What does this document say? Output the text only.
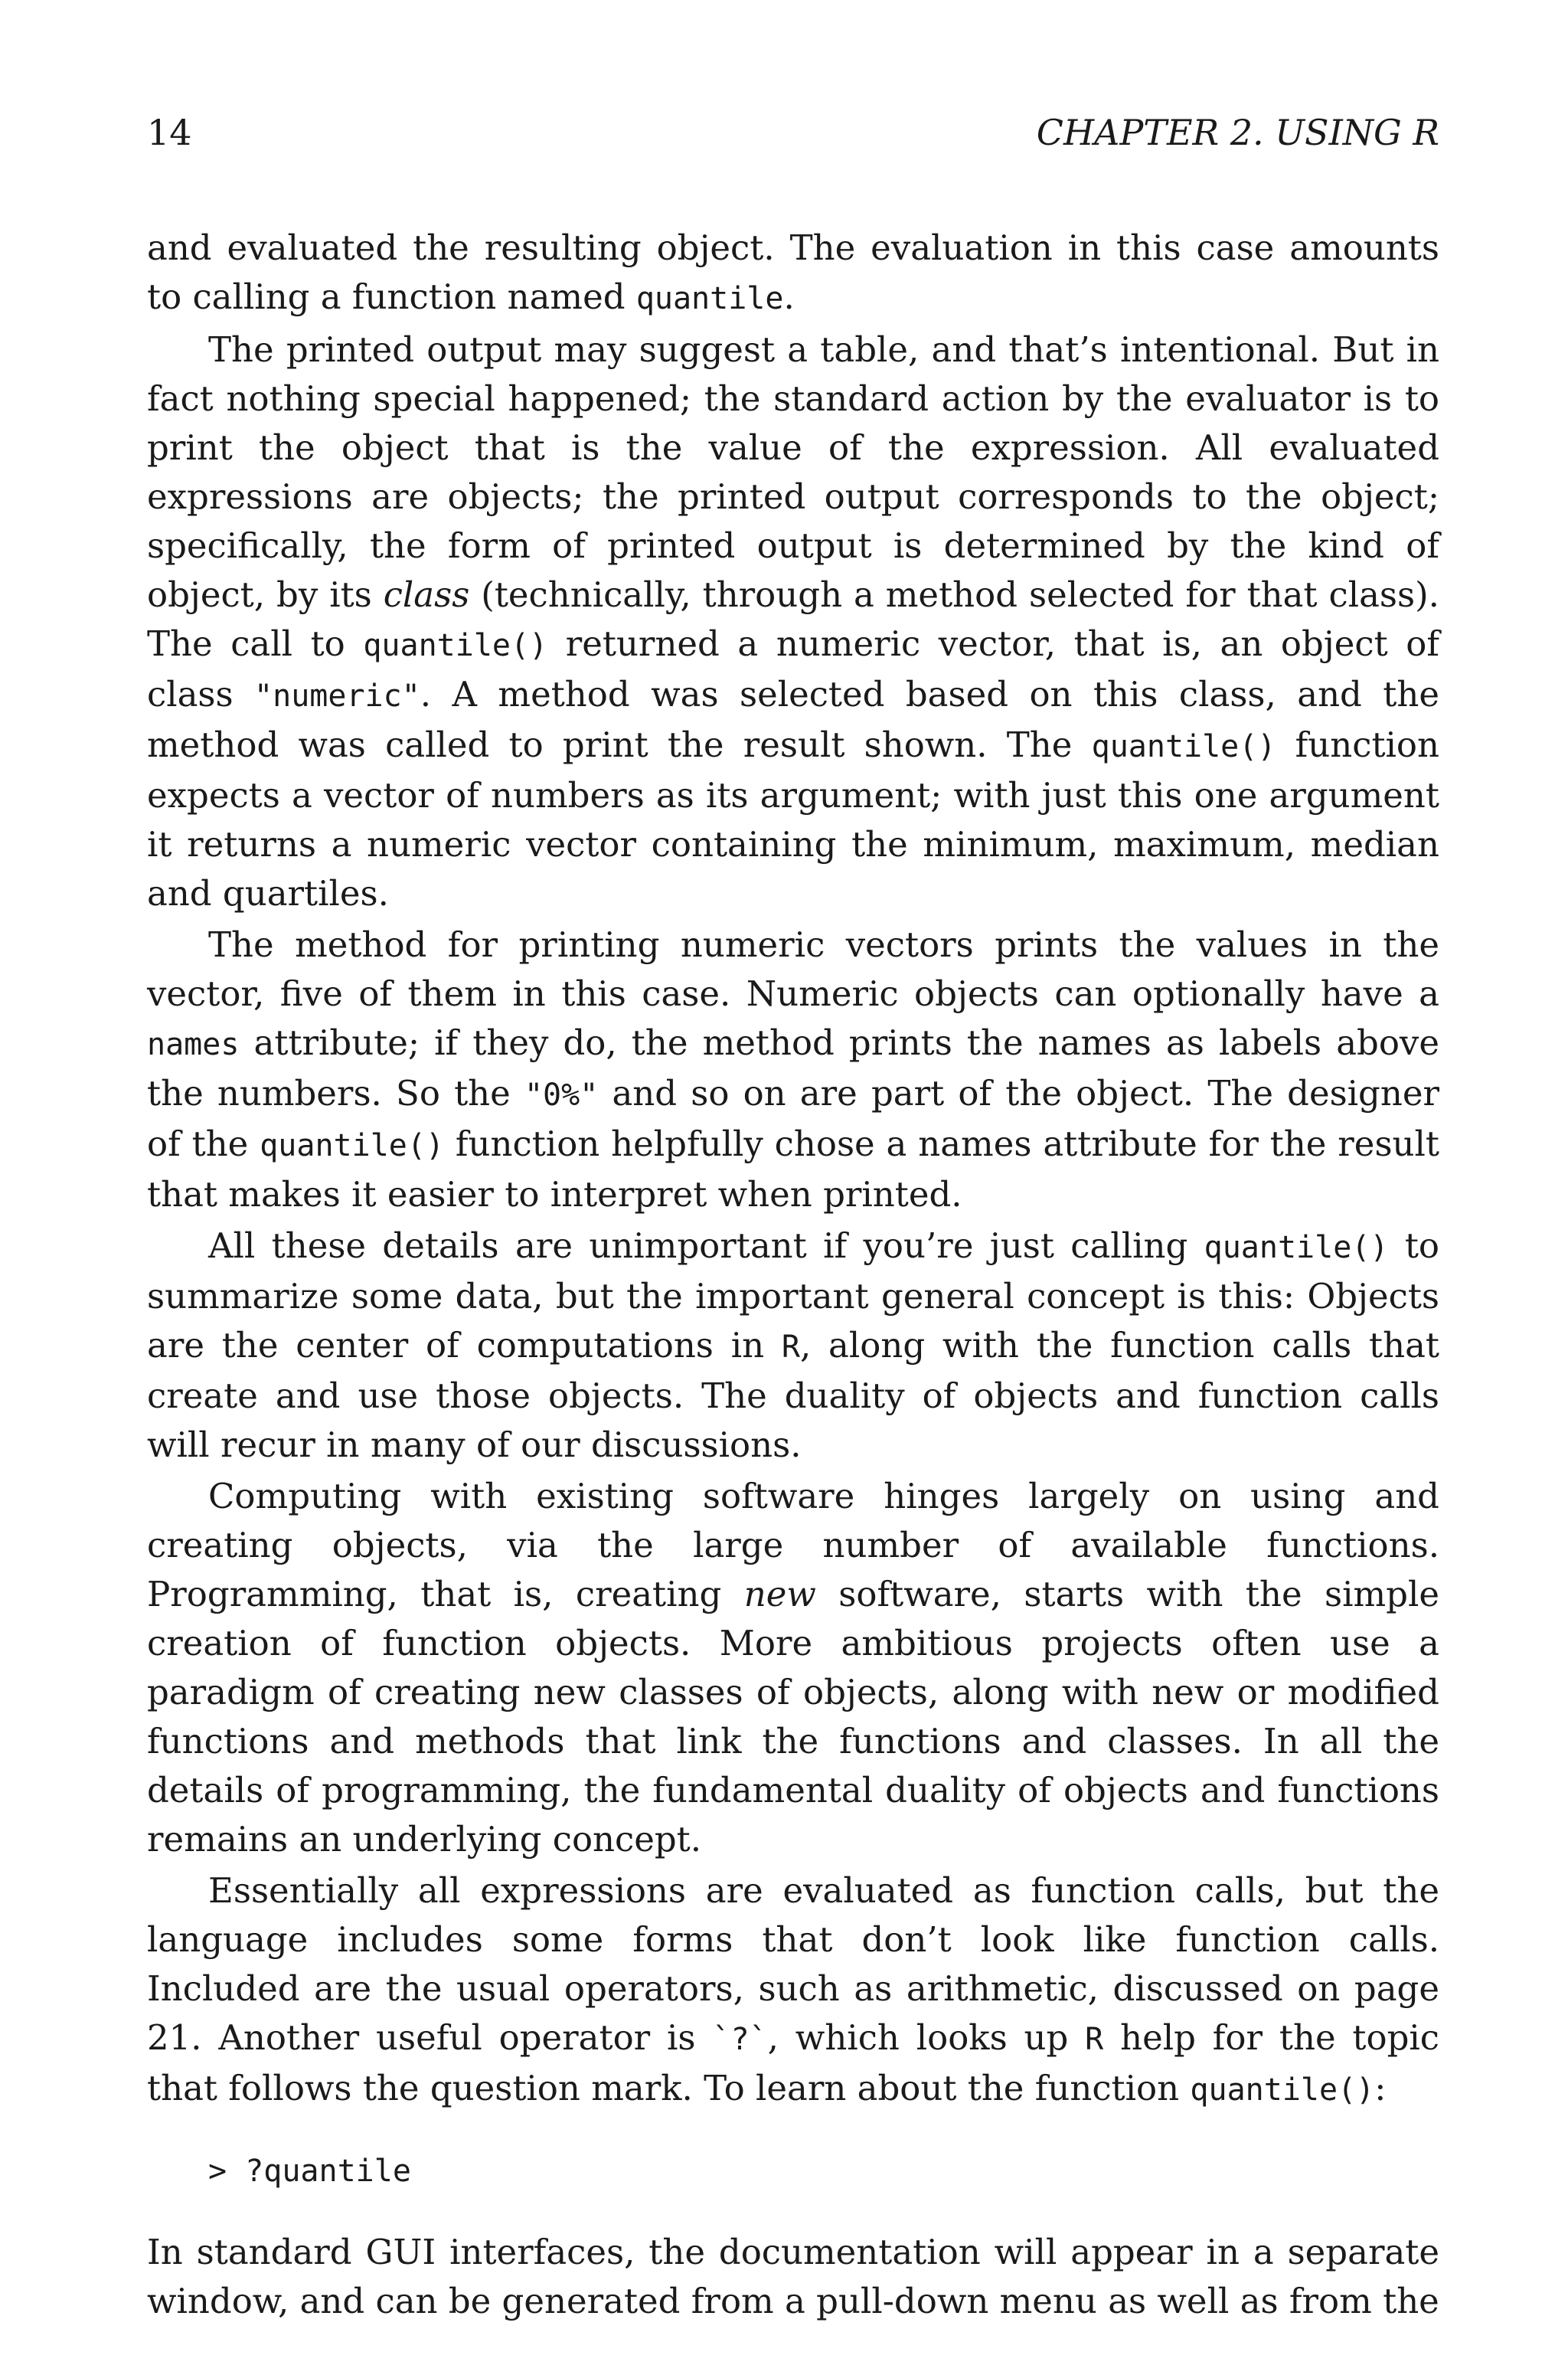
14	CHAPTER 2. USING R

and evaluated the resulting object. The evaluation in this case amounts to calling a function named quantile.

The printed output may suggest a table, and that’s intentional. But in fact nothing special happened; the standard action by the evaluator is to print the object that is the value of the expression. All evaluated expressions are objects; the printed output corresponds to the object; specifically, the form of printed output is determined by the kind of object, by its class (technically, through a method selected for that class). The call to quantile() returned a numeric vector, that is, an object of class "numeric". A method was selected based on this class, and the method was called to print the result shown. The quantile() function expects a vector of numbers as its argument; with just this one argument it returns a numeric vector containing the minimum, maximum, median and quartiles.

The method for printing numeric vectors prints the values in the vector, five of them in this case. Numeric objects can optionally have a names attribute; if they do, the method prints the names as labels above the numbers. So the "0%" and so on are part of the object. The designer of the quantile() function helpfully chose a names attribute for the result that makes it easier to interpret when printed.

All these details are unimportant if you’re just calling quantile() to summarize some data, but the important general concept is this: Objects are the center of computations in R, along with the function calls that create and use those objects. The duality of objects and function calls will recur in many of our discussions.

Computing with existing software hinges largely on using and creating objects, via the large number of available functions. Programming, that is, creating new software, starts with the simple creation of function objects. More ambitious projects often use a paradigm of creating new classes of objects, along with new or modified functions and methods that link the functions and classes. In all the details of programming, the fundamental duality of objects and functions remains an underlying concept.

Essentially all expressions are evaluated as function calls, but the language includes some forms that don’t look like function calls. Included are the usual operators, such as arithmetic, discussed on page 21. Another useful operator is `?`, which looks up R help for the topic that follows the question mark. To learn about the function quantile():

> ?quantile

In standard GUI interfaces, the documentation will appear in a separate window, and can be generated from a pull-down menu as well as from the
